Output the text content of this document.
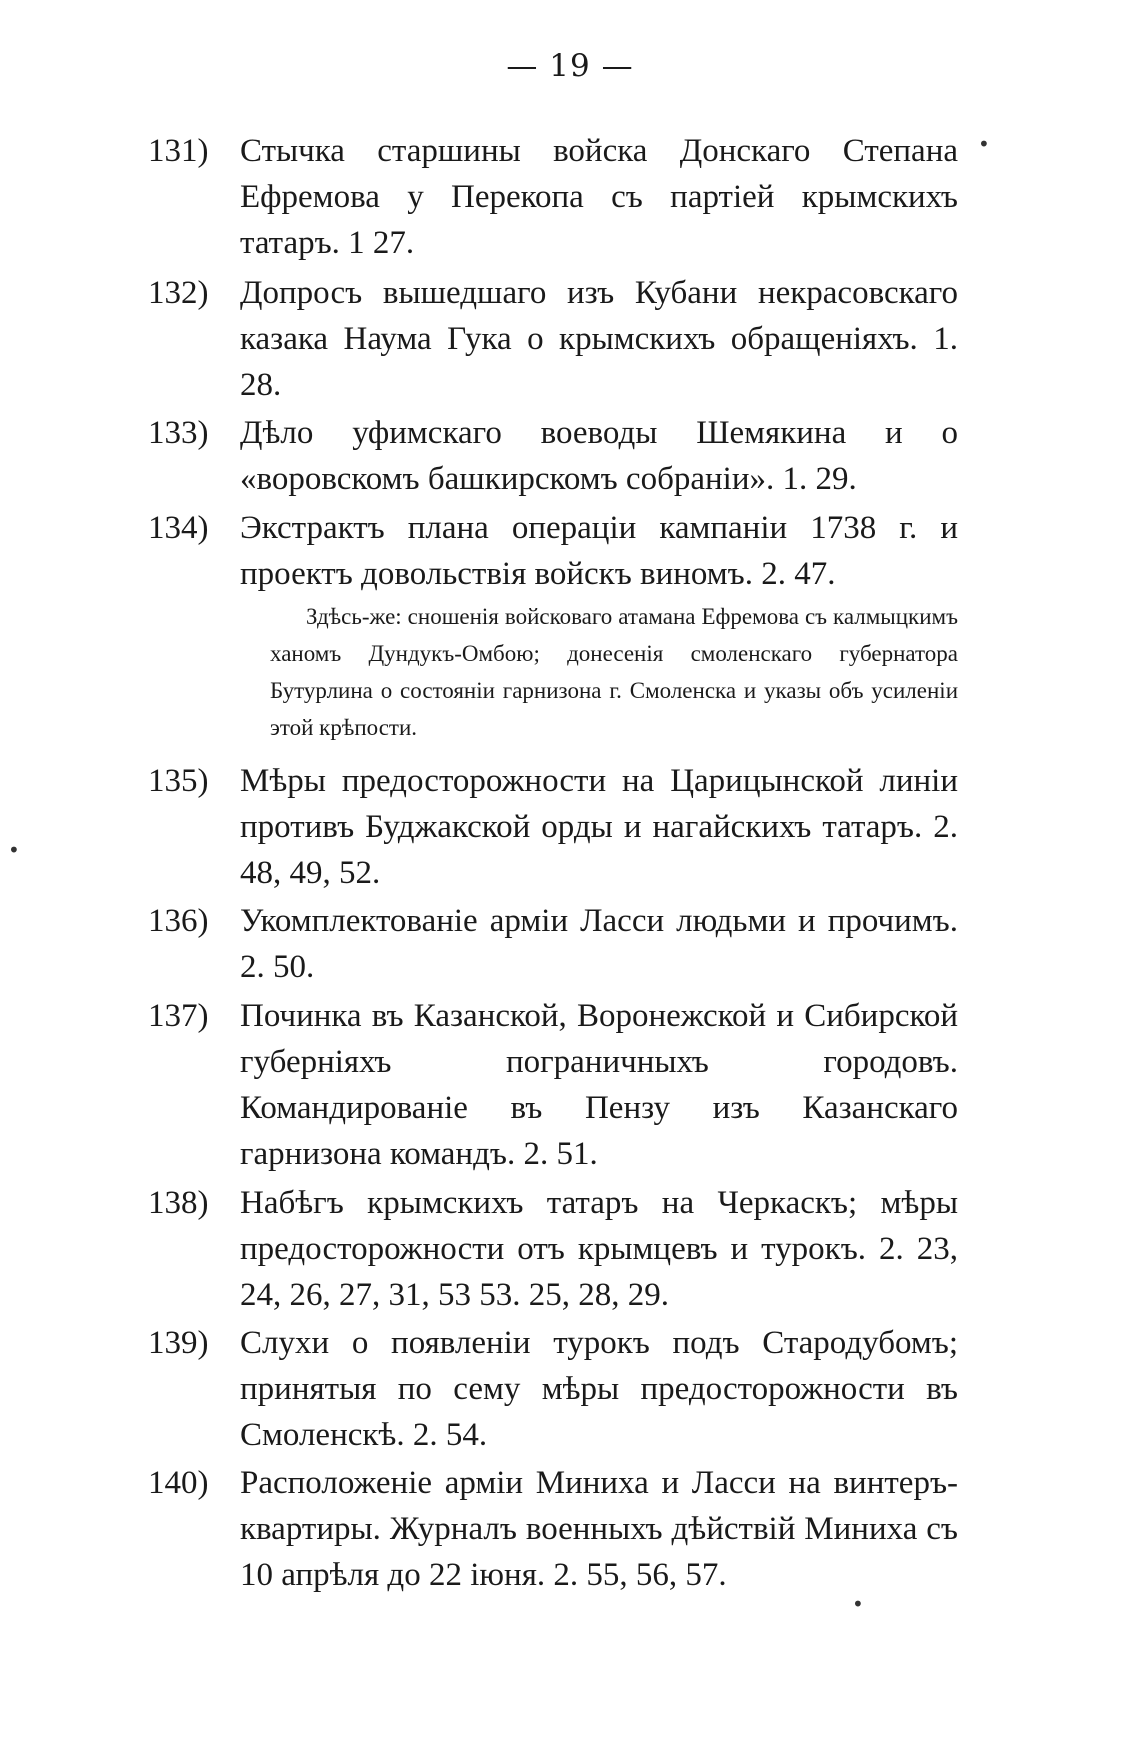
— 19 —
131) Стычка старшины войска Донскаго Степана Ефремова у Перекопа съ партіей крымскихъ татаръ. 1 27.
132) Допросъ вышедшаго изъ Кубани некрасовскаго казака Наума Гука о крымскихъ обращеніяхъ. 1. 28.
133) Дѣло уфимскаго воеводы Шемякина и о «воровскомъ башкирскомъ собраніи». 1. 29.
134) Экстрактъ плана операціи кампаніи 1738 г. и проектъ довольствія войскъ виномъ. 2. 47.
Здѣсь-же: сношенія войсковаго атамана Ефремова съ калмыцкимъ ханомъ Дундукъ-Омбою; донесенія смоленскаго губернатора Бутурлина о состояніи гарнизона г. Смоленска и указы объ усиленіи этой крѣпости.
135) Мѣры предосторожности на Царицынской линіи противъ Буджакской орды и нагайскихъ татаръ. 2. 48, 49, 52.
136) Укомплектованіе арміи Ласси людьми и прочимъ. 2. 50.
137) Починка въ Казанской, Воронежской и Сибирской губерніяхъ пограничныхъ городовъ. Командированіе въ Пензу изъ Казанскаго гарнизона командъ. 2. 51.
138) Набѣгъ крымскихъ татаръ на Черкаскъ; мѣры предосторожности отъ крымцевъ и турокъ. 2. 23, 24, 26, 27, 31, 53 53. 25, 28, 29.
139) Слухи о появленіи турокъ подъ Стародубомъ; принятыя по сему мѣры предосторожности въ Смоленскѣ. 2. 54.
140) Расположеніе арміи Миниха и Ласси на винтеръ-квартиры. Журналъ военныхъ дѣйствій Миниха съ 10 апрѣля до 22 іюня. 2. 55, 56, 57.
•
•
•
